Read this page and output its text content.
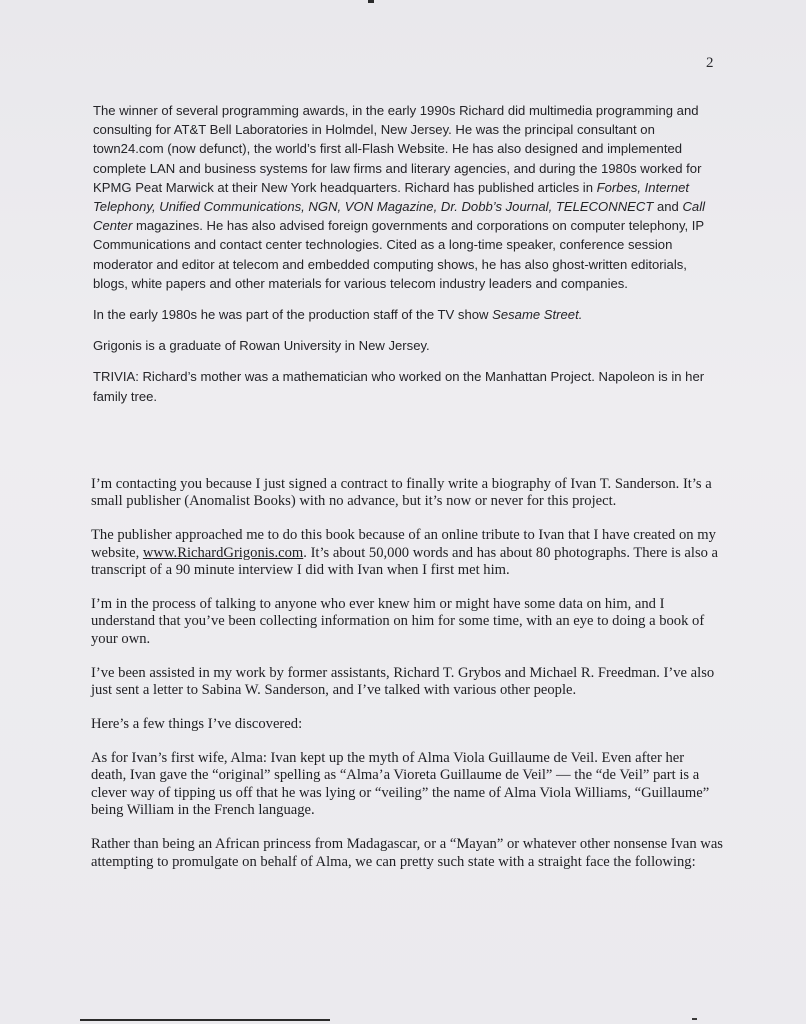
2

The winner of several programming awards, in the early 1990s Richard did multimedia programming and consulting for AT&T Bell Laboratories in Holmdel, New Jersey. He was the principal consultant on town24.com (now defunct), the world’s first all-Flash Website. He has also designed and implemented complete LAN and business systems for law firms and literary agencies, and during the 1980s worked for KPMG Peat Marwick at their New York headquarters. Richard has published articles in Forbes, Internet Telephony, Unified Communications, NGN, VON Magazine, Dr. Dobb’s Journal, TELECONNECT and Call Center magazines. He has also advised foreign governments and corporations on computer telephony, IP Communications and contact center technologies. Cited as a long-time speaker, conference session moderator and editor at telecom and embedded computing shows, he has also ghost-written editorials, blogs, white papers and other materials for various telecom industry leaders and companies.

In the early 1980s he was part of the production staff of the TV show Sesame Street.

Grigonis is a graduate of Rowan University in New Jersey.

TRIVIA: Richard’s mother was a mathematician who worked on the Manhattan Project. Napoleon is in her family tree.

I’m contacting you because I just signed a contract to finally write a biography of Ivan T. Sanderson. It’s a small publisher (Anomalist Books) with no advance, but it’s now or never for this project.

The publisher approached me to do this book because of an online tribute to Ivan that I have created on my website, www.RichardGrigonis.com. It’s about 50,000 words and has about 80 photographs. There is also a transcript of a 90 minute interview I did with Ivan when I first met him.

I’m in the process of talking to anyone who ever knew him or might have some data on him, and I understand that you’ve been collecting information on him for some time, with an eye to doing a book of your own.

I’ve been assisted in my work by former assistants, Richard T. Grybos and Michael R. Freedman. I’ve also just sent a letter to Sabina W. Sanderson, and I’ve talked with various other people.

Here’s a few things I’ve discovered:

As for Ivan’s first wife, Alma: Ivan kept up the myth of Alma Viola Guillaume de Veil. Even after her death, Ivan gave the “original” spelling as “Alma’a Vioreta Guillaume de Veil” — the “de Veil” part is a clever way of tipping us off that he was lying or “veiling” the name of Alma Viola Williams, “Guillaume” being William in the French language.

Rather than being an African princess from Madagascar, or a “Mayan” or whatever other nonsense Ivan was attempting to promulgate on behalf of Alma, we can pretty such state with a straight face the following:
